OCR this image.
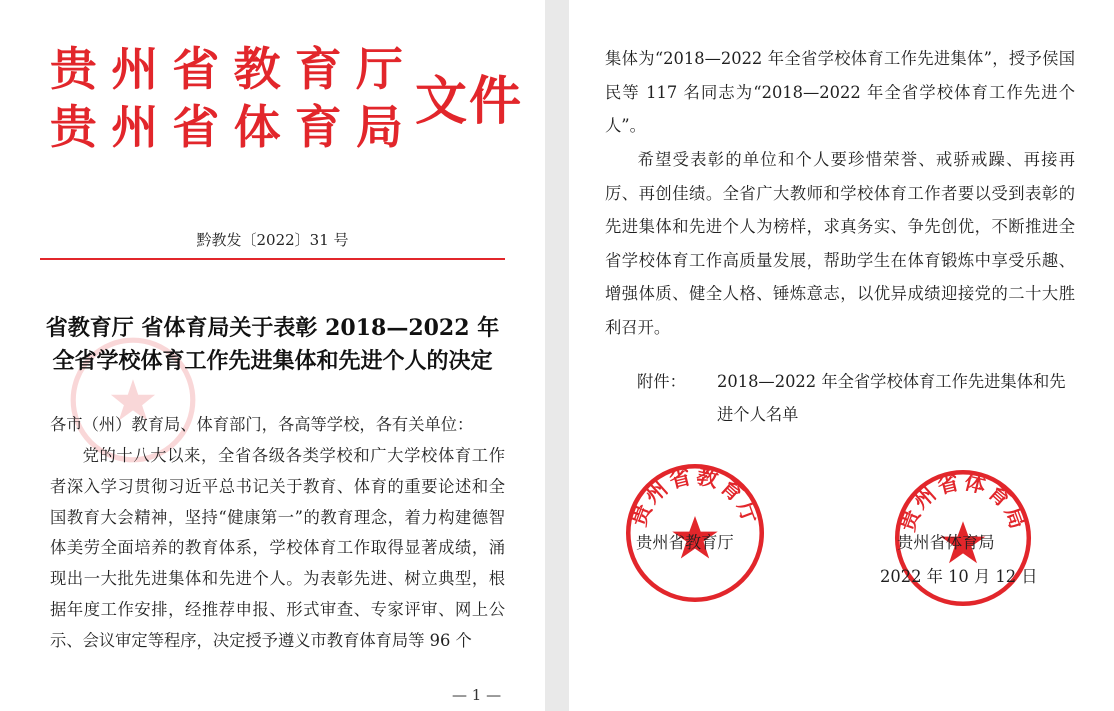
贵州省教育厅
贵州省体育局
文件
黔教发〔2022〕31 号
省教育厅 省体育局关于表彰 2018—2022 年
全省学校体育工作先进集体和先进个人的决定
各市（州）教育局、体育部门，各高等学校，各有关单位：
党的十八大以来，全省各级各类学校和广大学校体育工作者深入学习贯彻习近平总书记关于教育、体育的重要论述和全国教育大会精神，坚持“健康第一”的教育理念，着力构建德智体美劳全面培养的教育体系，学校体育工作取得显著成绩，涌现出一大批先进集体和先进个人。为表彰先进、树立典型，根据年度工作安排，经推荐申报、形式审查、专家评审、网上公示、会议审定等程序，决定授予遵义市教育体育局等 96 个
— 1 —
集体为“2018—2022 年全省学校体育工作先进集体”，授予侯国民等 117 名同志为“2018—2022 年全省学校体育工作先进个人”。
希望受表彰的单位和个人要珍惜荣誉、戒骄戒躁、再接再厉、再创佳绩。全省广大教师和学校体育工作者要以受到表彰的先进集体和先进个人为榜样，求真务实、争先创优，不断推进全省学校体育工作高质量发展，帮助学生在体育锻炼中享受乐趣、增强体质、健全人格、锤炼意志，以优异成绩迎接党的二十大胜利召开。
附件： 2018—2022 年全省学校体育工作先进集体和先进个人名单
贵州省教育厅	贵州省体育局
贵州省教育厅	贵州省体育局
2022 年 10 月 12 日
